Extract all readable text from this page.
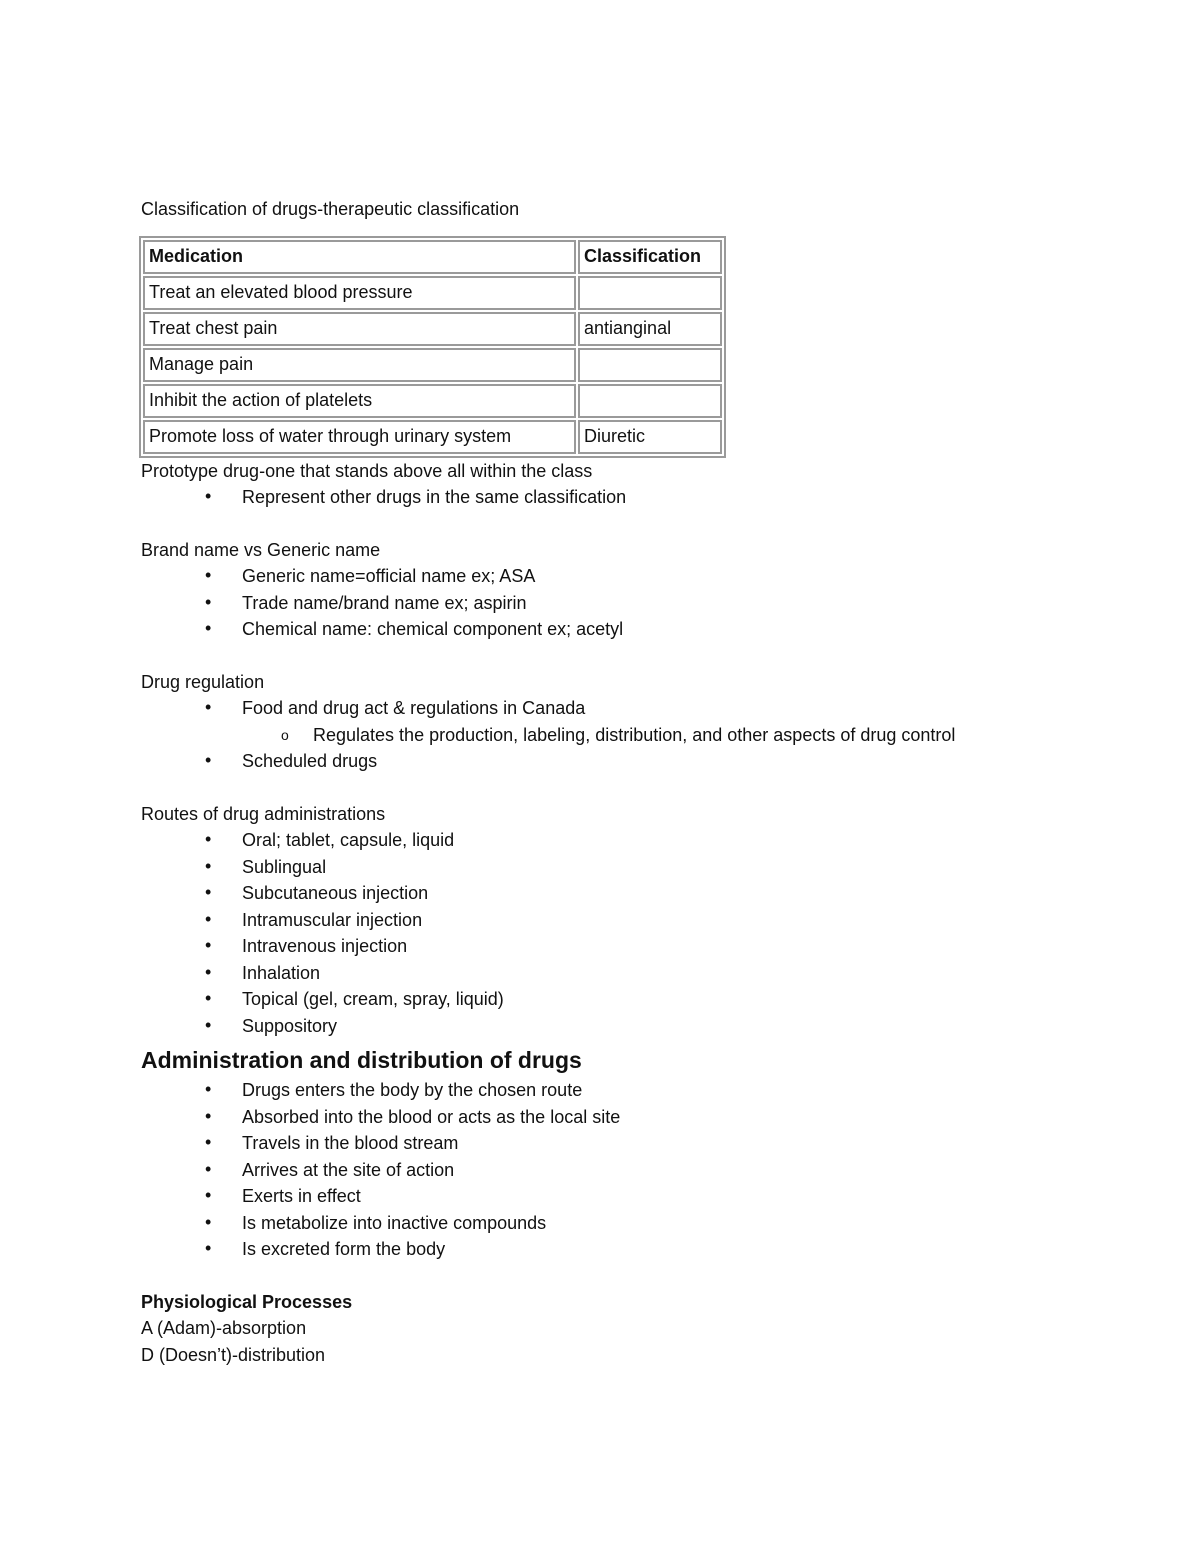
Classification of drugs-therapeutic classification
Medication	Classification
Treat an elevated blood pressure	
Treat chest pain	antianginal
Manage pain	
Inhibit the action of platelets	
Promote loss of water through urinary system	Diuretic
Prototype drug-one that stands above all within the class
• Represent other drugs in the same classification
Brand name vs Generic name
• Generic name=official name ex; ASA
• Trade name/brand name ex; aspirin
• Chemical name: chemical component ex; acetyl
Drug regulation
• Food and drug act & regulations in Canada
o Regulates the production, labeling, distribution, and other aspects of drug control
• Scheduled drugs
Routes of drug administrations
• Oral; tablet, capsule, liquid
• Sublingual
• Subcutaneous injection
• Intramuscular injection
• Intravenous injection
• Inhalation
• Topical (gel, cream, spray, liquid)
• Suppository
Administration and distribution of drugs
• Drugs enters the body by the chosen route
• Absorbed into the blood or acts as the local site
• Travels in the blood stream
• Arrives at the site of action
• Exerts in effect
• Is metabolize into inactive compounds
• Is excreted form the body
Physiological Processes
A (Adam)-absorption
D (Doesn’t)-distribution
